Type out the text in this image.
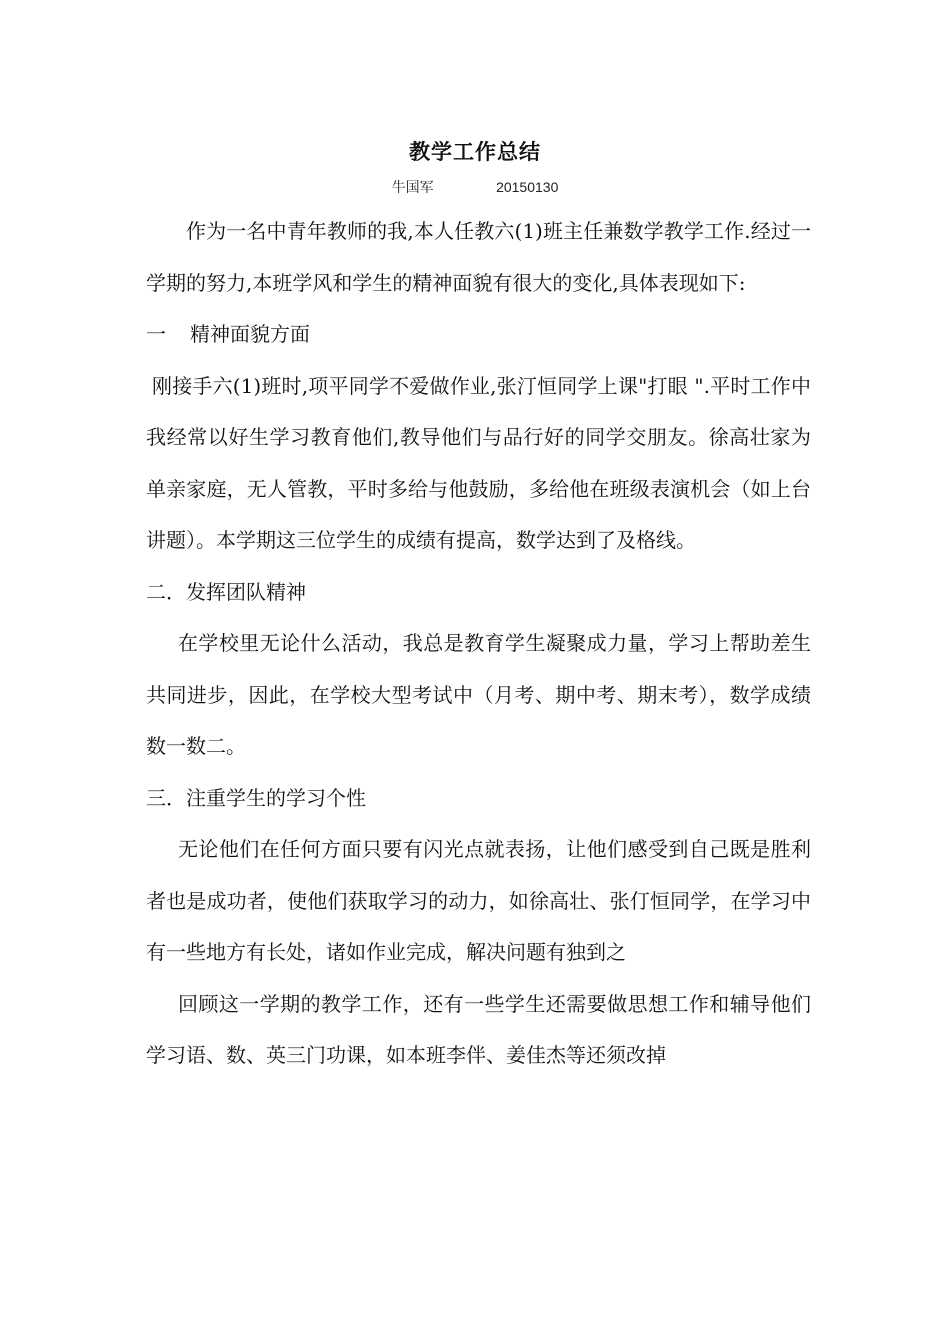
教学工作总结
牛国军	20150130

作为一名中青年教师的我,本人任教六(1)班主任兼数学教学工作.经过一学期的努力,本班学风和学生的精神面貌有很大的变化,具体表现如下:

一 精神面貌方面

刚接手六(1)班时,项平同学不爱做作业,张汀恒同学上课"打眼 ".平时工作中我经常以好生学习教育他们,教导他们与品行好的同学交朋友。徐高壮家为单亲家庭，无人管教，平时多给与他鼓励，多给他在班级表演机会（如上台讲题）。本学期这三位学生的成绩有提高，数学达到了及格线。

二．发挥团队精神

在学校里无论什么活动，我总是教育学生凝聚成力量，学习上帮助差生共同进步，因此，在学校大型考试中（月考、期中考、期末考），数学成绩数一数二。

三．注重学生的学习个性

无论他们在任何方面只要有闪光点就表扬，让他们感受到自己既是胜利者也是成功者，使他们获取学习的动力，如徐高壮、张仃恒同学，在学习中有一些地方有长处，诸如作业完成，解决问题有独到之

回顾这一学期的教学工作，还有一些学生还需要做思想工作和辅导他们学习语、数、英三门功课，如本班李伴、姜佳杰等还须改掉
